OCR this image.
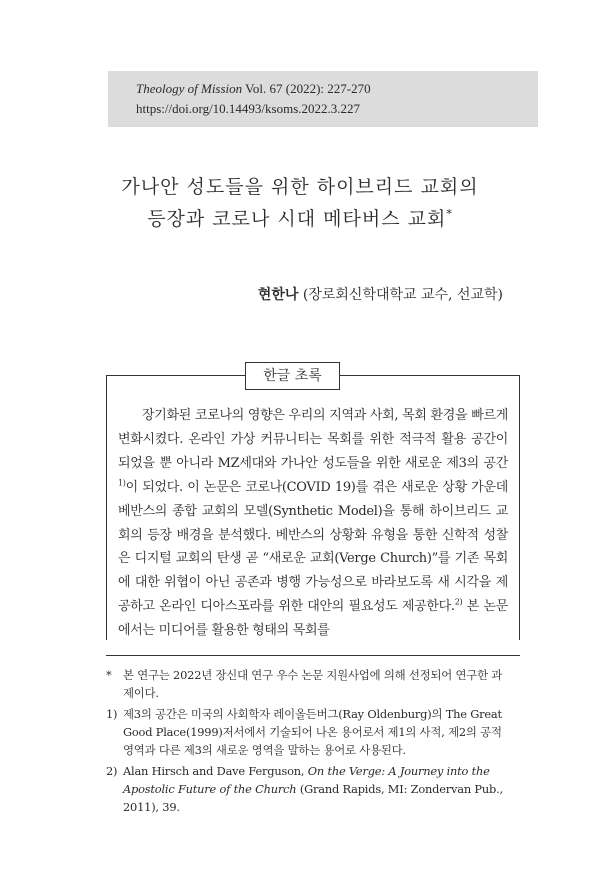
Theology of Mission Vol. 67 (2022): 227-270
https://doi.org/10.14493/ksoms.2022.3.227
가나안 성도들을 위한 하이브리드 교회의
등장과 코로나 시대 메타버스 교회*
현한나 (장로회신학대학교 교수, 선교학)
한글 초록

장기화된 코로나의 영향은 우리의 지역과 사회, 목회 환경을 빠르게 변화시켰다. 온라인 가상 커뮤니티는 목회를 위한 적극적 활용 공간이 되었을 뿐 아니라 MZ세대와 가나안 성도들을 위한 새로운 제3의 공간$^{1)}$이 되었다. 이 논문은 코로나(COVID 19)를 겪은 새로운 상황 가운데 베반스의 종합 교회의 모델(Synthetic Model)을 통해 하이브리드 교회의 등장 배경을 분석했다. 베반스의 상황화 유형을 통한 신학적 성찰은 디지털 교회의 탄생 곧 “새로운 교회(Verge Church)”를 기존 목회에 대한 위협이 아닌 공존과 병행 가능성으로 바라보도록 새 시각을 제공하고 온라인 디아스포라를 위한 대안의 필요성도 제공한다.$^{2)}$ 본 논문에서는 미디어를 활용한 형태의 목회를

* 본 연구는 2022년 장신대 연구 우수 논문 지원사업에 의해 선정되어 연구한 과제이다.
1) 제3의 공간은 미국의 사회학자 레이올든버그(Ray Oldenburg)의 The Great Good Place(1999)저서에서 기술되어 나온 용어로서 제1의 사적, 제2의 공적영역과 다른 제3의 새로운 영역을 말하는 용어로 사용된다.
2) Alan Hirsch and Dave Ferguson, On the Verge: A Journey into the Apostolic Future of the Church (Grand Rapids, MI: Zondervan Pub., 2011), 39.
